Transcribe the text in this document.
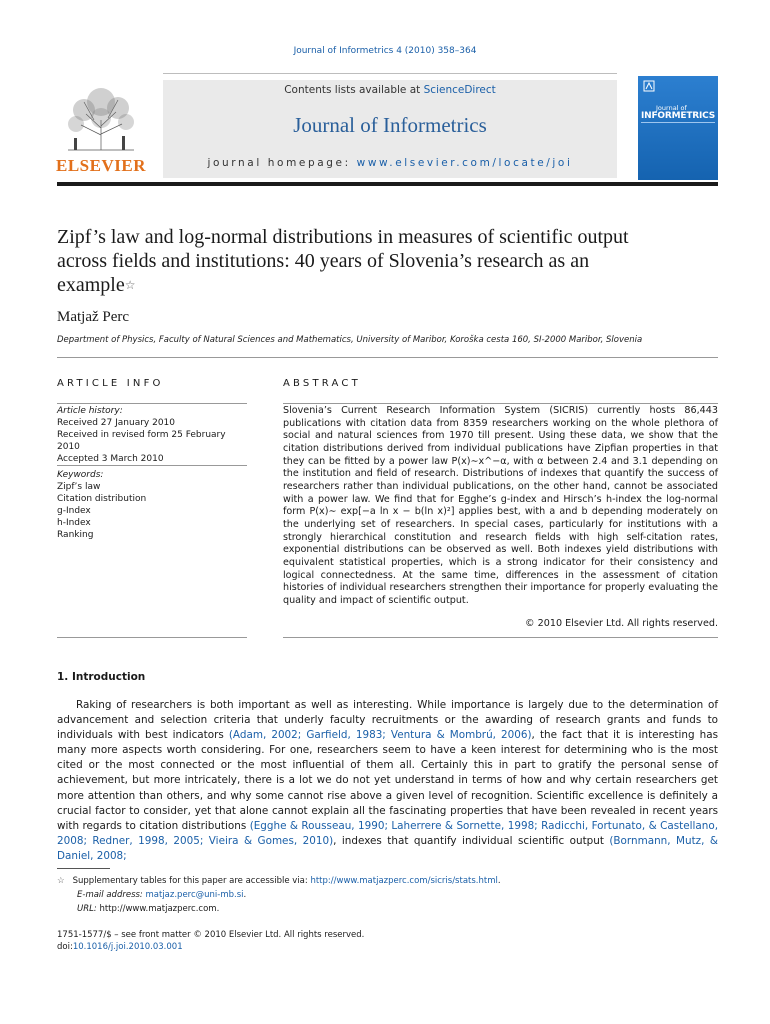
Journal of Informetrics 4 (2010) 358–364
ELSEVIER
Contents lists available at ScienceDirect
Journal of Informetrics
journal homepage: www.elsevier.com/locate/joi
Journal of
INFORMETRICS
Zipf’s law and log-normal distributions in measures of scientific output
across fields and institutions: 40 years of Slovenia’s research as an
example☆
Matjaž Perc
Department of Physics, Faculty of Natural Sciences and Mathematics, University of Maribor, Koroška cesta 160, SI-2000 Maribor, Slovenia
ARTICLE INFO	ABSTRACT
Article history:
Received 27 January 2010
Received in revised form 25 February 2010
Accepted 3 March 2010
Keywords:
Zipf’s law
Citation distribution
g-Index
h-Index
Ranking
Slovenia’s Current Research Information System (SICRIS) currently hosts 86,443 publications with citation data from 8359 researchers working on the whole plethora of social and natural sciences from 1970 till present. Using these data, we show that the citation distributions derived from individual publications have Zipfian properties in that they can be fitted by a power law P(x)∼x^−α, with α between 2.4 and 3.1 depending on the institution and field of research. Distributions of indexes that quantify the success of researchers rather than individual publications, on the other hand, cannot be associated with a power law. We find that for Egghe’s g-index and Hirsch’s h-index the log-normal form P(x)∼ exp[−a ln x − b(ln x)²] applies best, with a and b depending moderately on the underlying set of researchers. In special cases, particularly for institutions with a strongly hierarchical constitution and research fields with high self-citation rates, exponential distributions can be observed as well. Both indexes yield distributions with equivalent statistical properties, which is a strong indicator for their consistency and logical connectedness. At the same time, differences in the assessment of citation histories of individual researchers strengthen their importance for properly evaluating the quality and impact of scientific output.
© 2010 Elsevier Ltd. All rights reserved.
1. Introduction
Raking of researchers is both important as well as interesting. While importance is largely due to the determination of advancement and selection criteria that underly faculty recruitments or the awarding of research grants and funds to individuals with best indicators (Adam, 2002; Garfield, 1983; Ventura & Mombrú, 2006), the fact that it is interesting has many more aspects worth considering. For one, researchers seem to have a keen interest for determining who is the most cited or the most connected or the most influential of them all. Certainly this in part to gratify the personal sense of achievement, but more intricately, there is a lot we do not yet understand in terms of how and why certain researchers get more attention than others, and why some cannot rise above a given level of recognition. Scientific excellence is definitely a crucial factor to consider, yet that alone cannot explain all the fascinating properties that have been revealed in recent years with regards to citation distributions (Egghe & Rousseau, 1990; Laherrere & Sornette, 1998; Radicchi, Fortunato, & Castellano, 2008; Redner, 1998, 2005; Vieira & Gomes, 2010), indexes that quantify individual scientific output (Bornmann, Mutz, & Daniel, 2008;
☆ Supplementary tables for this paper are accessible via: http://www.matjazperc.com/sicris/stats.html.
E-mail address: matjaz.perc@uni-mb.si.
URL: http://www.matjazperc.com.
1751-1577/$ – see front matter © 2010 Elsevier Ltd. All rights reserved.
doi:10.1016/j.joi.2010.03.001
